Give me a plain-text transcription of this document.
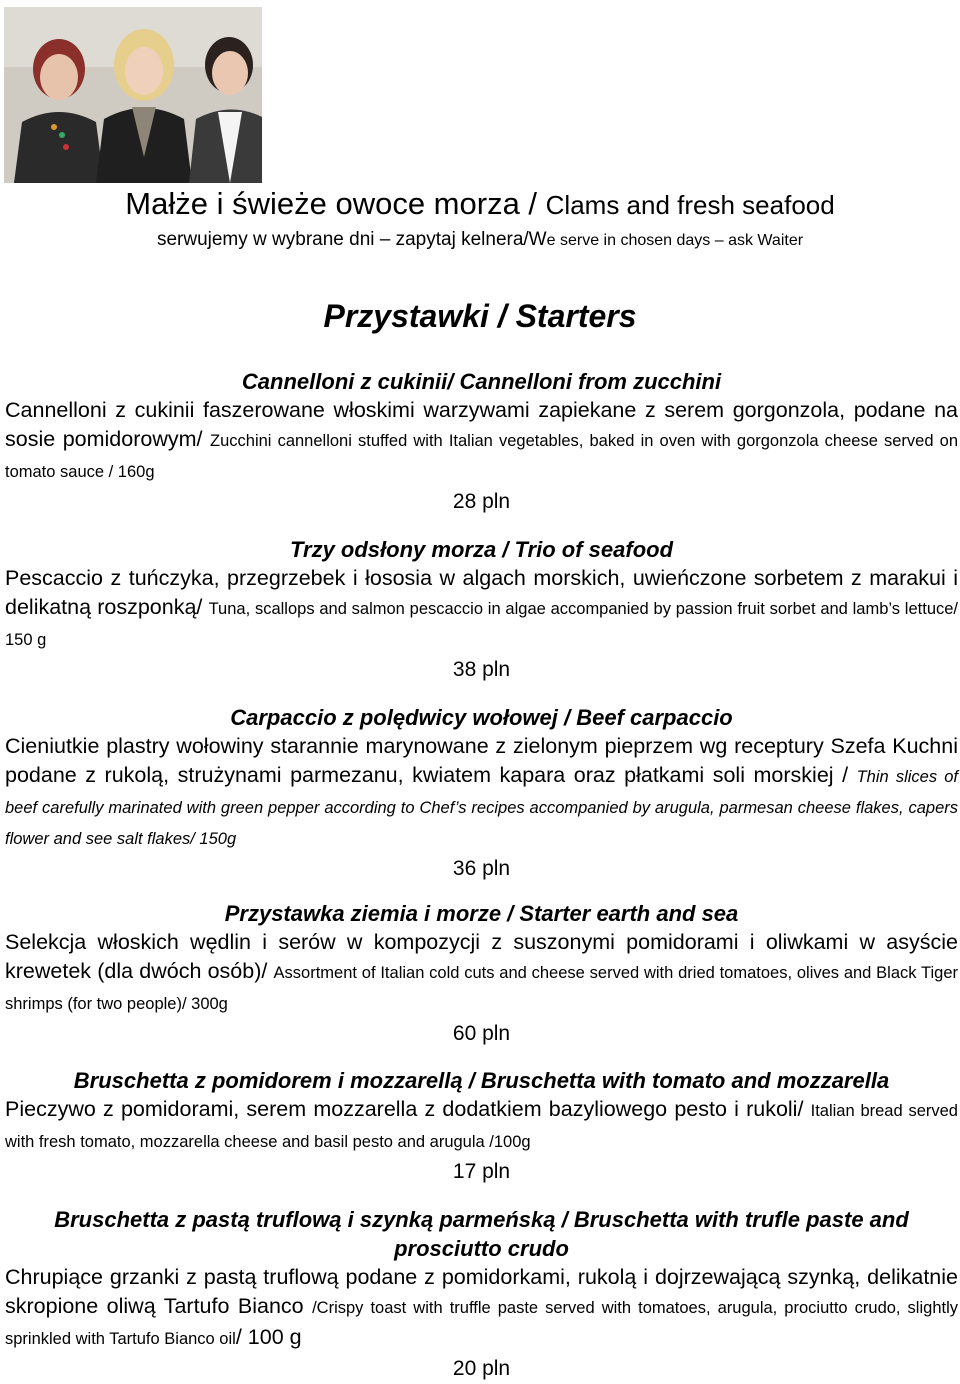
Małże i świeże owoce morza / Clams and fresh seafood
serwujemy w wybrane dni – zapytaj kelnera/We serve in chosen days – ask Waiter
Przystawki / Starters
Cannelloni z cukinii/ Cannelloni from zucchini
Cannelloni z cukinii faszerowane włoskimi warzywami zapiekane z serem gorgonzola, podane na sosie pomidorowym/ Zucchini cannelloni stuffed with Italian vegetables, baked in oven with gorgonzola cheese served on tomato sauce / 160g
28 pln
Trzy odsłony morza / Trio of seafood
Pescaccio z tuńczyka, przegrzebek i łososia w algach morskich, uwieńczone sorbetem z marakui i delikatną roszponką/ Tuna, scallops and salmon pescaccio in algae accompanied by passion fruit sorbet and lamb’s lettuce/ 150 g
38 pln
Carpaccio z polędwicy wołowej / Beef carpaccio
Cieniutkie plastry wołowiny starannie marynowane z zielonym pieprzem wg receptury Szefa Kuchni podane z rukolą, strużynami parmezanu, kwiatem kapara oraz płatkami soli morskiej / Thin slices of beef carefully marinated with green pepper according to Chef’s recipes accompanied by arugula, parmesan cheese flakes, capers flower and see salt flakes/ 150g
36 pln
Przystawka ziemia i morze / Starter earth and sea
Selekcja włoskich wędlin i serów w kompozycji z suszonymi pomidorami i oliwkami w asyście krewetek (dla dwóch osób)/ Assortment of Italian cold cuts and cheese served with dried tomatoes, olives and Black Tiger shrimps (for two people)/ 300g
60 pln
Bruschetta z pomidorem i mozzarellą / Bruschetta with tomato and mozzarella
Pieczywo z pomidorami, serem mozzarella z dodatkiem bazyliowego pesto i rukoli/ Italian bread served with fresh tomato, mozzarella cheese and basil pesto and arugula /100g
17 pln
Bruschetta z pastą truflową i szynką parmeńską / Bruschetta with trufle paste and prosciutto crudo
Chrupiące grzanki z pastą truflową podane z pomidorkami, rukolą i dojrzewającą szynką, delikatnie skropione oliwą Tartufo Bianco /Crispy toast with truffle paste served with tomatoes, arugula, prociutto crudo, slightly sprinkled with Tartufo Bianco oil/ 100 g
20 pln
